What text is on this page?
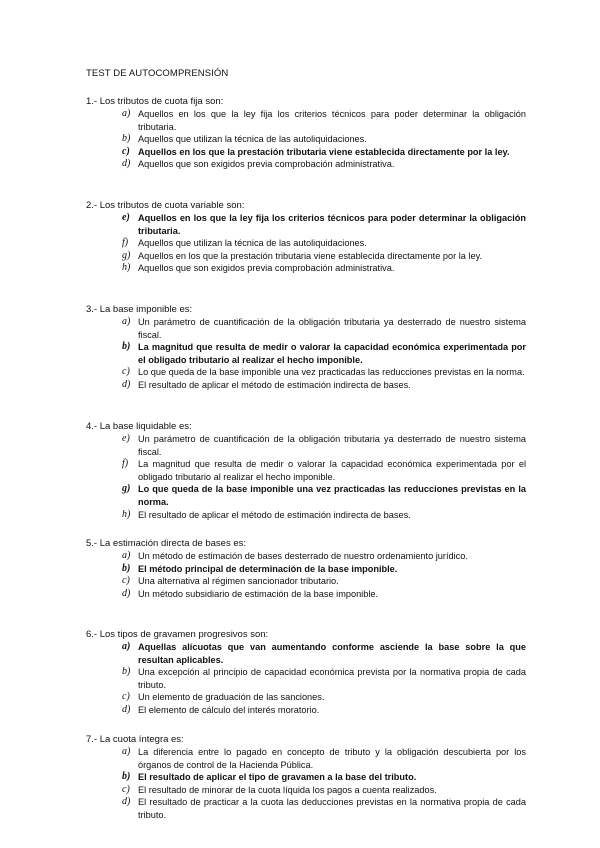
TEST DE AUTOCOMPRENSIÓN
1.- Los tributos de cuota fija son:
a) Aquellos en los que la ley fija los criterios técnicos para poder determinar la obligación tributaria.
b) Aquellos que utilizan la técnica de las autoliquidaciones.
c) Aquellos en los que la prestación tributaria viene establecida directamente por la ley.
d) Aquellos que son exigidos previa comprobación administrativa.
2.- Los tributos de cuota variable son:
e) Aquellos en los que la ley fija los criterios técnicos para poder determinar la obligación tributaria.
f) Aquellos que utilizan la técnica de las autoliquidaciones.
g) Aquellos en los que la prestación tributaria viene establecida directamente por la ley.
h) Aquellos que son exigidos previa comprobación administrativa.
3.- La base imponible es:
a) Un parámetro de cuantificación de la obligación tributaria ya desterrado de nuestro sistema fiscal.
b) La magnitud que resulta de medir o valorar la capacidad económica experimentada por el obligado tributario al realizar el hecho imponible.
c) Lo que queda de la base imponible una vez practicadas las reducciones previstas en la norma.
d) El resultado de aplicar el método de estimación indirecta de bases.
4.- La base liquidable es:
e) Un parámetro de cuantificación de la obligación tributaria ya desterrado de nuestro sistema fiscal.
f) La magnitud que resulta de medir o valorar la capacidad económica experimentada por el obligado tributario al realizar el hecho imponible.
g) Lo que queda de la base imponible una vez practicadas las reducciones previstas en la norma.
h) El resultado de aplicar el método de estimación indirecta de bases.
5.- La estimación directa de bases es:
a) Un método de estimación de bases desterrado de nuestro ordenamiento jurídico.
b) El método principal de determinación de la base imponible.
c) Una alternativa al régimen sancionador tributario.
d) Un método subsidiario de estimación de la base imponible.
6.- Los tipos de gravamen progresivos son:
a) Aquellas alícuotas que van aumentando conforme asciende la base sobre la que resultan aplicables.
b) Una excepción al principio de capacidad económica prevista por la normativa propia de cada tributo.
c) Un elemento de graduación de las sanciones.
d) El elemento de cálculo del interés moratorio.
7.- La cuota íntegra es:
a) La diferencia entre lo pagado en concepto de tributo y la obligación descubierta por los órganos de control de la Hacienda Pública.
b) El resultado de aplicar el tipo de gravamen a la base del tributo.
c) El resultado de minorar de la cuota líquida los pagos a cuenta realizados.
d) El resultado de practicar a la cuota las deducciones previstas en la normativa propia de cada tributo.
